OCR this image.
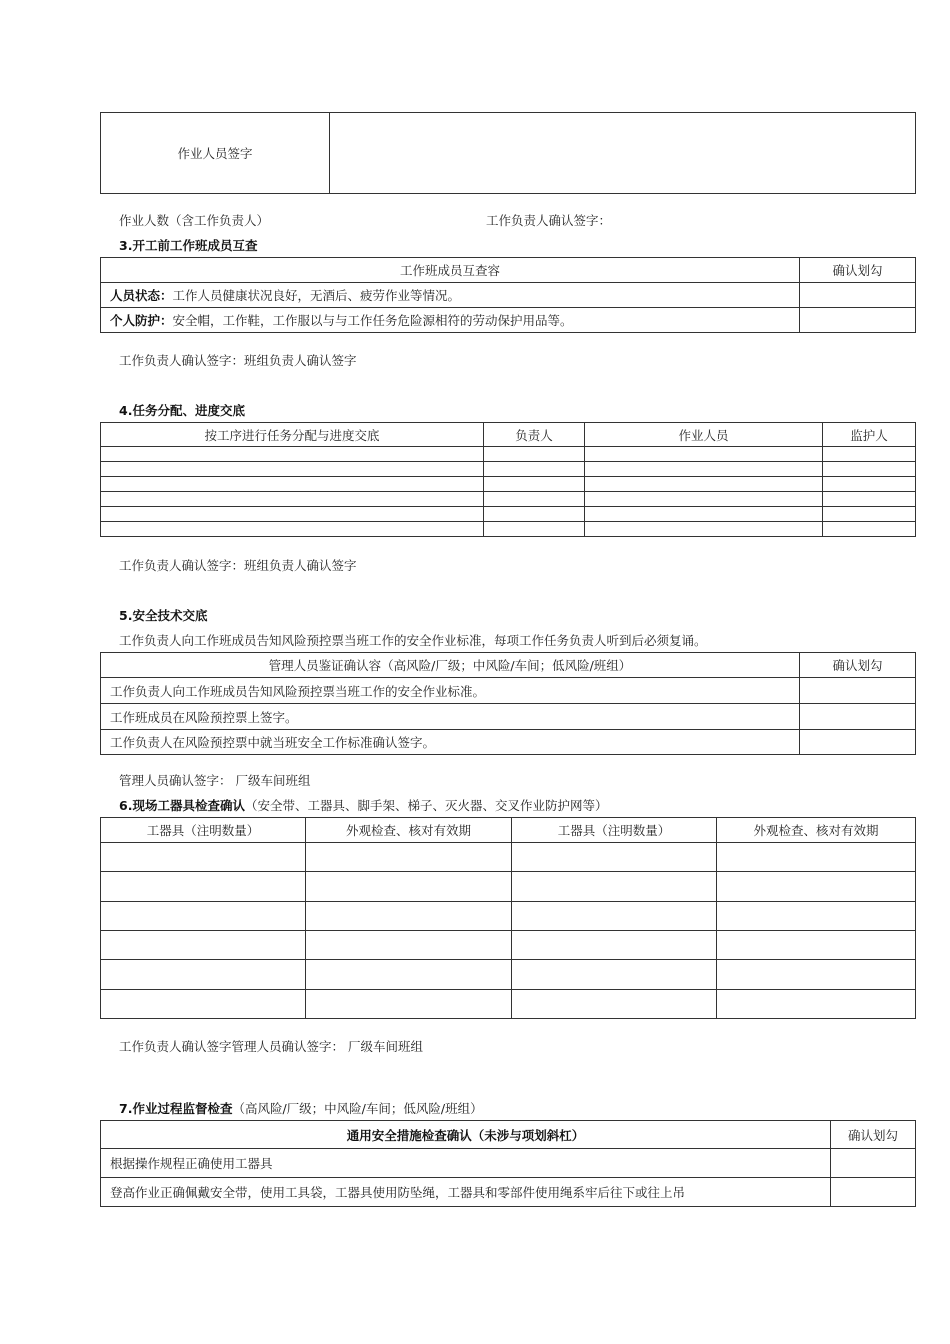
作业人员签字	
作业人数（含工作负责人）	工作负责人确认签字：
3.开工前工作班成员互查
工作班成员互查容	确认划勾
人员状态：工作人员健康状况良好，无酒后、疲劳作业等情况。	
个人防护：安全帽，工作鞋，工作服以与与工作任务危险源相符的劳动保护用品等。	
工作负责人确认签字：班组负责人确认签字
4.任务分配、进度交底
按工序进行任务分配与进度交底	负责人	作业人员	监护人

工作负责人确认签字：班组负责人确认签字
5.安全技术交底
工作负责人向工作班成员告知风险预控票当班工作的安全作业标准，每项工作任务负责人听到后必须复诵。
管理人员鉴证确认容（高风险/厂级；中风险/车间；低风险/班组）	确认划勾
工作负责人向工作班成员告知风险预控票当班工作的安全作业标准。	
工作班成员在风险预控票上签字。	
工作负责人在风险预控票中就当班安全工作标准确认签字。	
管理人员确认签字： 厂级车间班组
6.现场工器具检查确认（安全带、工器具、脚手架、梯子、灭火器、交叉作业防护网等）
工器具（注明数量）	外观检查、核对有效期	工器具（注明数量）	外观检查、核对有效期

工作负责人确认签字管理人员确认签字： 厂级车间班组
7.作业过程监督检查（高风险/厂级；中风险/车间；低风险/班组）
通用安全措施检查确认（未涉与项划斜杠）	确认划勾
根据操作规程正确使用工器具	
登高作业正确佩戴安全带，使用工具袋，工器具使用防坠绳，工器具和零部件使用绳系牢后往下或往上吊	
